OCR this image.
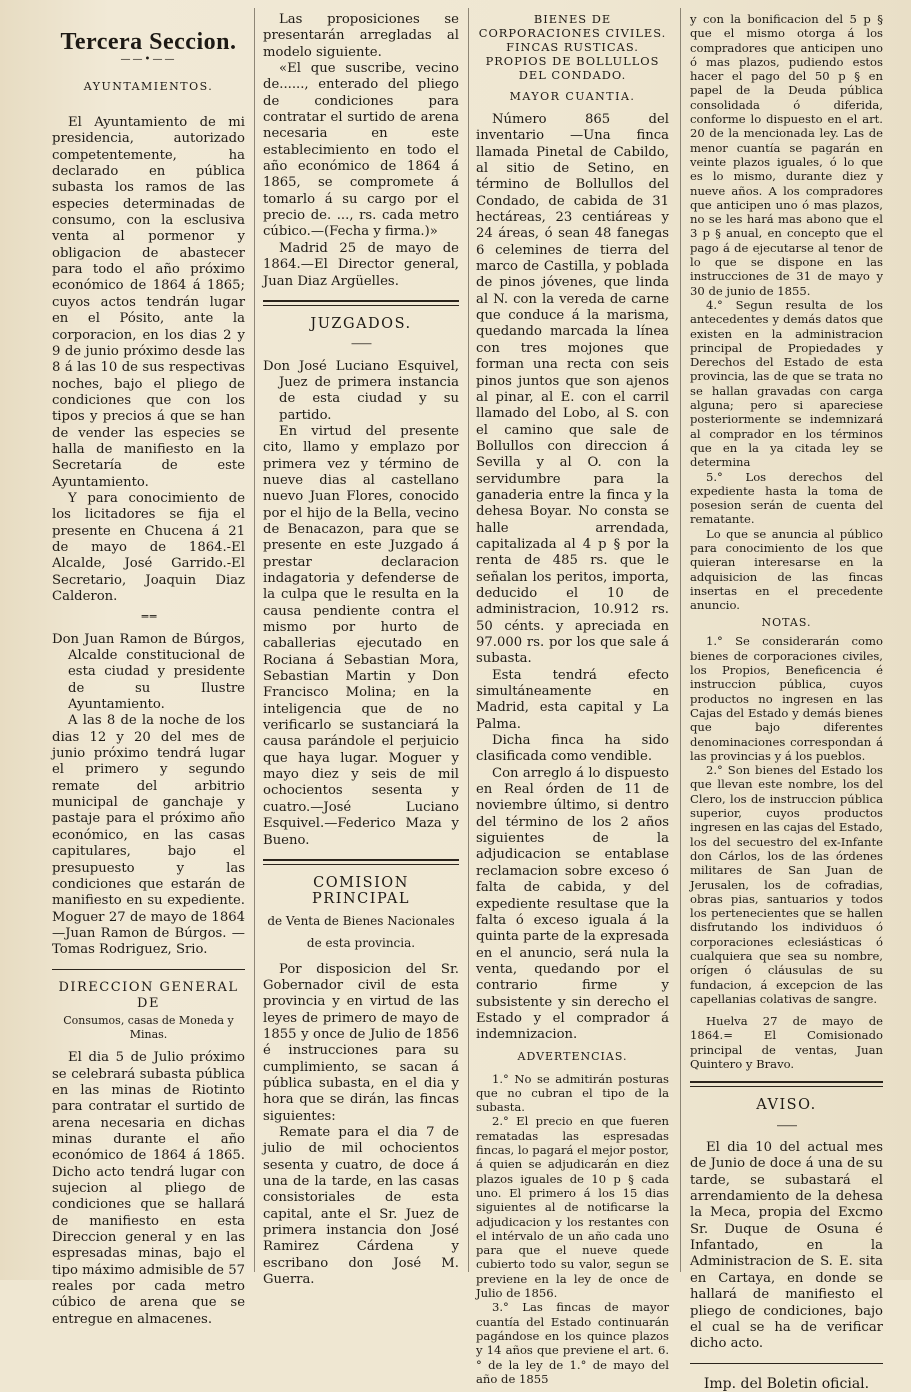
Tercera Seccion.
——•——
AYUNTAMIENTOS.

El Ayuntamiento de mi presidencia, autorizado competentemente, ha declarado en pública subasta los ramos de las especies determinadas de consumo, con la esclusiva venta al pormenor y obligacion de abastecer para todo el año próximo económico de 1864 á 1865; cuyos actos tendrán lugar en el Pósito, ante la corporacion, en los dias 2 y 9 de junio próximo desde las 8 á las 10 de sus respectivas noches, bajo el pliego de condiciones que con los tipos y precios á que se han de vender las especies se halla de manifiesto en la Secretaría de este Ayuntamiento.

Y para conocimiento de los licitadores se fija el presente en Chucena á 21 de mayo de 1864.-El Alcalde, José Garrido.-El Secretario, Joaquin Diaz Calderon.

═ ═

Don Juan Ramon de Búrgos, Alcalde constitucional de esta ciudad y presidente de su Ilustre Ayuntamiento.

A las 8 de la noche de los dias 12 y 20 del mes de junio próximo tendrá lugar el primero y segundo remate del arbitrio municipal de ganchaje y pastaje para el próximo año económico, en las casas capitulares, bajo el presupuesto y las condiciones que estarán de manifiesto en su expediente. Moguer 27 de mayo de 1864 —Juan Ramon de Búrgos. —Tomas Rodriguez, Srio.

DIRECCION GENERAL DE
Consumos, casas de Moneda y Minas.

El dia 5 de Julio próximo se celebrará subasta pública en las minas de Riotinto para contratar el surtido de arena necesaria en dichas minas durante el año económico de 1864 á 1865. Dicho acto tendrá lugar con sujecion al pliego de condiciones que se hallará de manifiesto en esta Direccion general y en las espresadas minas, bajo el tipo máximo admisible de 57 reales por cada metro cúbico de arena que se entregue en almacenes.

Las proposiciones se presentarán arregladas al modelo siguiente.

«El que suscribe, vecino de......, enterado del pliego de condiciones para contratar el surtido de arena necesaria en este establecimiento en todo el año económico de 1864 á 1865, se compromete á tomarlo á su cargo por el precio de. ..., rs. cada metro cúbico.—(Fecha y firma.)»

Madrid 25 de mayo de 1864.—El Director general, Juan Diaz Argüelles.

JUZGADOS.
——

Don José Luciano Esquivel, Juez de primera instancia de esta ciudad y su partido.

En virtud del presente cito, llamo y emplazo por primera vez y término de nueve dias al castellano nuevo Juan Flores, conocido por el hijo de la Bella, vecino de Benacazon, para que se presente en este Juzgado á prestar declaracion indagatoria y defenderse de la culpa que le resulta en la causa pendiente contra el mismo por hurto de caballerias ejecutado en Rociana á Sebastian Mora, Sebastian Martin y Don Francisco Molina; en la inteligencia que de no verificarlo se sustanciará la causa parándole el perjuicio que haya lugar. Moguer y mayo diez y seis de mil ochocientos sesenta y cuatro.—José Luciano Esquivel.—Federico Maza y Bueno.

COMISION PRINCIPAL
de Venta de Bienes Nacionales de esta provincia.

Por disposicion del Sr. Gobernador civil de esta provincia y en virtud de las leyes de primero de mayo de 1855 y once de Julio de 1856 é instrucciones para su cumplimiento, se sacan á pública subasta, en el dia y hora que se dirán, las fincas siguientes:

Remate para el dia 7 de julio de mil ochocientos sesenta y cuatro, de doce á una de la tarde, en las casas consistoriales de esta capital, ante el Sr. Juez de primera instancia don José Ramirez Cárdena y escribano don José M. Guerra.

BIENES DE CORPORACIONES CIVILES.
FINCAS RUSTICAS. PROPIOS DE BOLLULLOS DEL CONDADO.
MAYOR CUANTIA.

Número 865 del inventario —Una finca llamada Pinetal de Cabildo, al sitio de Setino, en término de Bollullos del Condado, de cabida de 31 hectáreas, 23 centiáreas y 24 áreas, ó sean 48 fanegas 6 celemines de tierra del marco de Castilla, y poblada de pinos jóvenes, que linda al N. con la vereda de carne que conduce á la marisma, quedando marcada la línea con tres mojones que forman una recta con seis pinos juntos que son ajenos al pinar, al E. con el carril llamado del Lobo, al S. con el camino que sale de Bollullos con direccion á Sevilla y al O. con la servidumbre para la ganaderia entre la finca y la dehesa Boyar. No consta se halle arrendada, capitalizada al 4 p § por la renta de 485 rs. que le señalan los peritos, importa, deducido el 10 de administracion, 10.912 rs. 50 cénts. y apreciada en 97.000 rs. por los que sale á subasta.

Esta tendrá efecto simultáneamente en Madrid, esta capital y La Palma.

Dicha finca ha sido clasificada como vendible.

Con arreglo á lo dispuesto en Real órden de 11 de noviembre último, si dentro del término de los 2 años siguientes de la adjudicacion se entablase reclamacion sobre exceso ó falta de cabida, y del expediente resultase que la falta ó exceso iguala á la quinta parte de la expresada en el anuncio, será nula la venta, quedando por el contrario firme y subsistente y sin derecho el Estado y el comprador á indemnizacion.

ADVERTENCIAS.

1.° No se admitirán posturas que no cubran el tipo de la subasta.

2.° El precio en que fueren rematadas las espresadas fincas, lo pagará el mejor postor, á quien se adjudicarán en diez plazos iguales de 10 p § cada uno. El primero á los 15 dias siguientes al de notificarse la adjudicacion y los restantes con el intérvalo de un año cada uno para que el nueve quede cubierto todo su valor, segun se previene en la ley de once de Julio de 1856.

3.° Las fincas de mayor cuantía del Estado continuarán pagándose en los quince plazos y 14 años que previene el art. 6.° de la ley de 1.° de mayo del año de 1855

y con la bonificacion del 5 p § que el mismo otorga á los compradores que anticipen uno ó mas plazos, pudiendo estos hacer el pago del 50 p § en papel de la Deuda pública consolidada ó diferida, conforme lo dispuesto en el art. 20 de la mencionada ley. Las de menor cuantía se pagarán en veinte plazos iguales, ó lo que es lo mismo, durante diez y nueve años. A los compradores que anticipen uno ó mas plazos, no se les hará mas abono que el 3 p § anual, en concepto que el pago á de ejecutarse al tenor de lo que se dispone en las instrucciones de 31 de mayo y 30 de junio de 1855.

4.° Segun resulta de los antecedentes y demás datos que existen en la administracion principal de Propiedades y Derechos del Estado de esta provincia, las de que se trata no se hallan gravadas con carga alguna; pero si apareciese posteriormente se indemnizará al comprador en los términos que en la ya citada ley se determina

5.° Los derechos del expediente hasta la toma de posesion serán de cuenta del rematante.

Lo que se anuncia al público para conocimiento de los que quieran interesarse en la adquisicion de las fincas insertas en el precedente anuncio.

NOTAS.

1.° Se considerarán como bienes de corporaciones civiles, los Propios, Beneficencia é instruccion pública, cuyos productos no ingresen en las Cajas del Estado y demás bienes que bajo diferentes denominaciones correspondan á las provincias y á los pueblos.

2.° Son bienes del Estado los que llevan este nombre, los del Clero, los de instruccion pública superior, cuyos productos ingresen en las cajas del Estado, los del secuestro del ex-Infante don Cárlos, los de las órdenes militares de San Juan de Jerusalen, los de cofradias, obras pias, santuarios y todos los pertenecientes que se hallen disfrutando los individuos ó corporaciones eclesiásticas ó cualquiera que sea su nombre, orígen ó cláusulas de su fundacion, á excepcion de las capellanias colativas de sangre.

Huelva 27 de mayo de 1864.= El Comisionado principal de ventas, Juan Quintero y Bravo.

AVISO.
——

El dia 10 del actual mes de Junio de doce á una de su tarde, se subastará el arrendamiento de la dehesa la Meca, propia del Excmo Sr. Duque de Osuna é Infantado, en la Administracion de S. E. sita en Cartaya, en donde se hallará de manifiesto el pliego de condiciones, bajo el cual se ha de verificar dicho acto.

Imp. del Boletin oficial.
